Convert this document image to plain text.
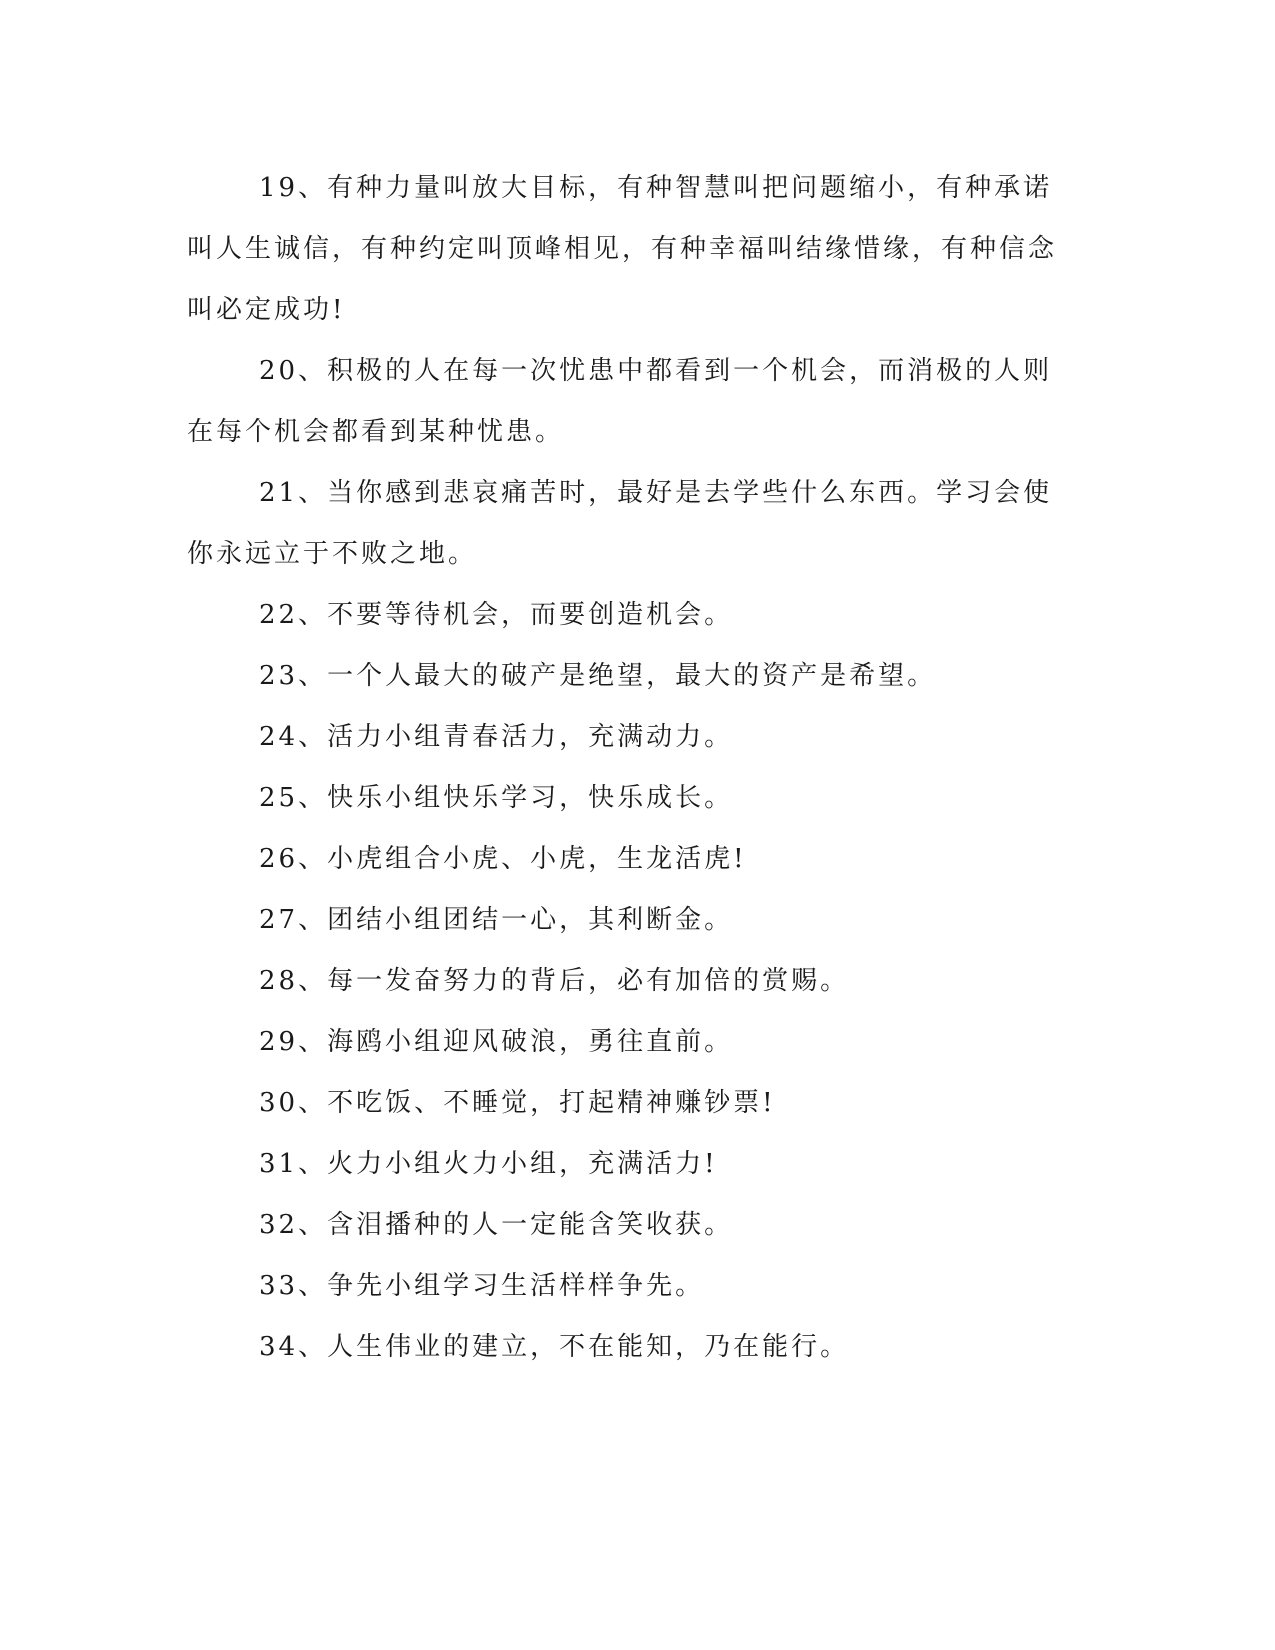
19、有种力量叫放大目标，有种智慧叫把问题缩小，有种承诺叫人生诚信，有种约定叫顶峰相见，有种幸福叫结缘惜缘，有种信念叫必定成功!

20、积极的人在每一次忧患中都看到一个机会，而消极的人则在每个机会都看到某种忧患。

21、当你感到悲哀痛苦时，最好是去学些什么东西。学习会使你永远立于不败之地。

22、不要等待机会，而要创造机会。

23、一个人最大的破产是绝望，最大的资产是希望。

24、活力小组青春活力，充满动力。

25、快乐小组快乐学习，快乐成长。

26、小虎组合小虎、小虎，生龙活虎!

27、团结小组团结一心，其利断金。

28、每一发奋努力的背后，必有加倍的赏赐。

29、海鸥小组迎风破浪，勇往直前。

30、不吃饭、不睡觉，打起精神赚钞票!

31、火力小组火力小组，充满活力!

32、含泪播种的人一定能含笑收获。

33、争先小组学习生活样样争先。

34、人生伟业的建立，不在能知，乃在能行。
